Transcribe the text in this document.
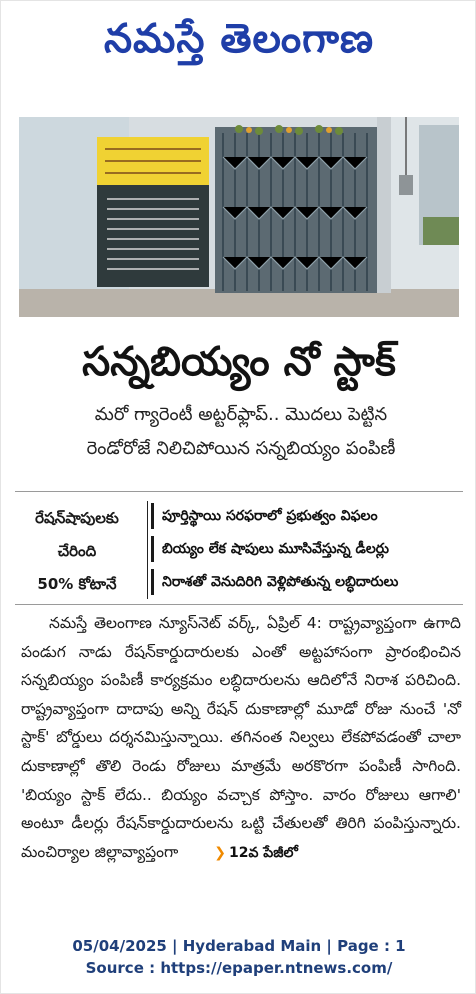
నమస్తే తెలంగాణ
సన్నబియ్యం నో స్టాక్
మరో గ్యారెంటీ అట్టర్‌ఫ్లాప్.. మొదలు పెట్టిన
రెండోరోజే నిలిచిపోయిన సన్నబియ్యం పంపిణీ
రేషన్‌షాపులకు
చేరింది
50% కోటానే
పూర్తిస్థాయి సరఫరాలో ప్రభుత్వం విఫలం
బియ్యం లేక షాపులు మూసివేస్తున్న డీలర్లు
నిరాశతో వెనుదిరిగి వెళ్లిపోతున్న లబ్ధిదారులు
నమస్తే తెలంగాణ న్యూస్‌నెట్‌ వర్క్‌, ఏప్రిల్‌ 4: రాష్ట్రవ్యాప్తంగా ఉగాది పండుగ నాడు రేషన్‌కార్డుదారులకు ఎంతో అట్టహాసంగా ప్రారంభించిన సన్నబియ్యం పంపిణీ కార్యక్రమం లబ్ధిదారులను ఆదిలోనే నిరాశ పరిచింది. రాష్ట్రవ్యాప్తంగా దాదాపు అన్ని రేషన్‌ దుకాణాల్లో మూడో రోజు నుంచే 'నో స్టాక్‌' బోర్డులు దర్శనమిస్తున్నాయి. తగినంత నిల్వలు లేకపోవడంతో చాలా దుకాణాల్లో తొలి రెండు రోజులు మాత్రమే అరకొరగా పంపిణీ సాగింది. 'బియ్యం స్టాక్‌ లేదు.. బియ్యం వచ్చాక పోస్తాం. వారం రోజులు ఆగాలి' అంటూ డీలర్లు రేషన్‌కార్డుదారులను ఒట్టి చేతులతో తిరిగి పంపిస్తున్నారు. మంచిర్యాల జిల్లావ్యాప్తంగా	❯ 12వ పేజీలో
05/04/2025 | Hyderabad Main | Page : 1
Source : https://epaper.ntnews.com/
